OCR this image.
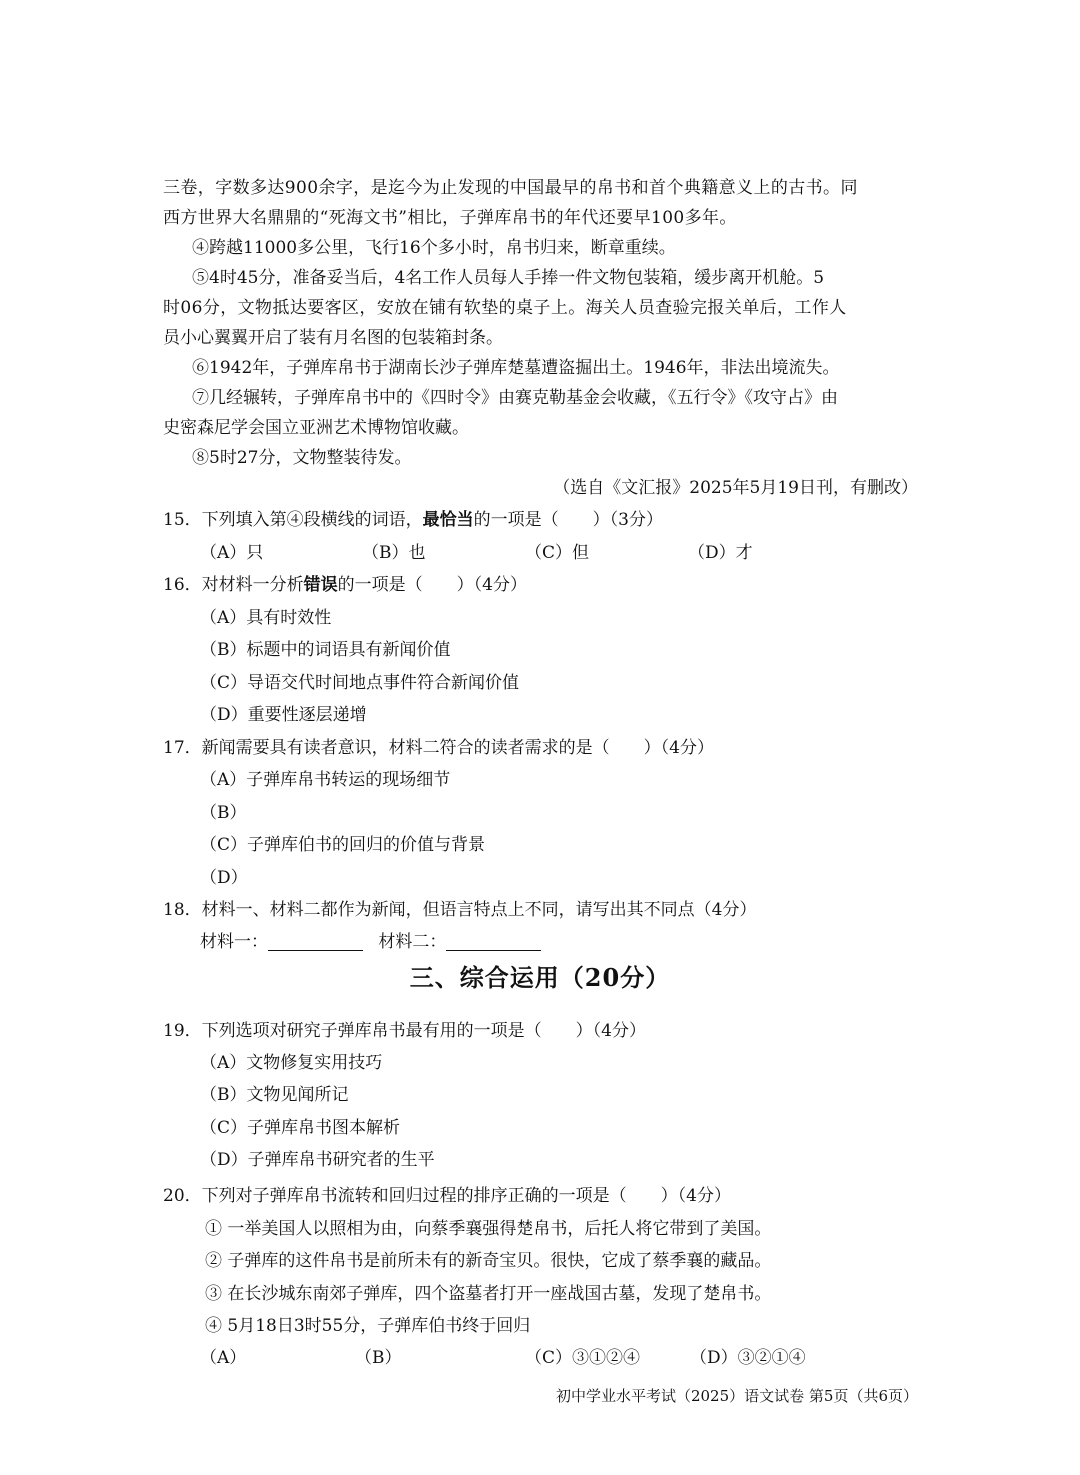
三卷，字数多达900余字，是迄今为止发现的中国最早的帛书和首个典籍意义上的古书。同
西方世界大名鼎鼎的“死海文书”相比，子弹库帛书的年代还要早100多年。
④跨越11000多公里，飞行16个多小时，帛书归来，断章重续。
⑤4时45分，准备妥当后，4名工作人员每人手捧一件文物包装箱，缓步离开机舱。5
时06分，文物抵达要客区，安放在铺有软垫的桌子上。海关人员查验完报关单后，工作人
员小心翼翼开启了装有月名图的包装箱封条。
⑥1942年，子弹库帛书于湖南长沙子弹库楚墓遭盗掘出土。1946年，非法出境流失。
⑦几经辗转，子弹库帛书中的《四时令》由赛克勒基金会收藏，《五行令》《攻守占》由
史密森尼学会国立亚洲艺术博物馆收藏。
⑧5时27分，文物整装待发。
（选自《文汇报》2025年5月19日刊，有删改）
15．下列填入第④段横线的词语，最恰当的一项是（　　）（3分）
（A）只	（B）也	（C）但	（D）才
16．对材料一分析错误的一项是（　　）（4分）
（A）具有时效性
（B）标题中的词语具有新闻价值
（C）导语交代时间地点事件符合新闻价值
（D）重要性逐层递增
17．新闻需要具有读者意识，材料二符合的读者需求的是（　　）（4分）
（A）子弹库帛书转运的现场细节
（B）
（C）子弹库伯书的回归的价值与背景
（D）
18．材料一、材料二都作为新闻，但语言特点上不同，请写出其不同点（4分）
材料一：	材料二：
三、综合运用（20分）
19．下列选项对研究子弹库帛书最有用的一项是（　　）（4分）
（A）文物修复实用技巧
（B）文物见闻所记
（C）子弹库帛书图本解析
（D）子弹库帛书研究者的生平
20．下列对子弹库帛书流转和回归过程的排序正确的一项是（　　）（4分）
① 一举美国人以照相为由，向蔡季襄强得楚帛书，后托人将它带到了美国。
② 子弹库的这件帛书是前所未有的新奇宝贝。很快，它成了蔡季襄的藏品。
③ 在长沙城东南郊子弹库，四个盗墓者打开一座战国古墓，发现了楚帛书。
④ 5月18日3时55分，子弹库伯书终于回归
（A）	（B）	（C）③①②④	（D）③②①④
初中学业水平考试（2025）语文试卷 第5页（共6页）
